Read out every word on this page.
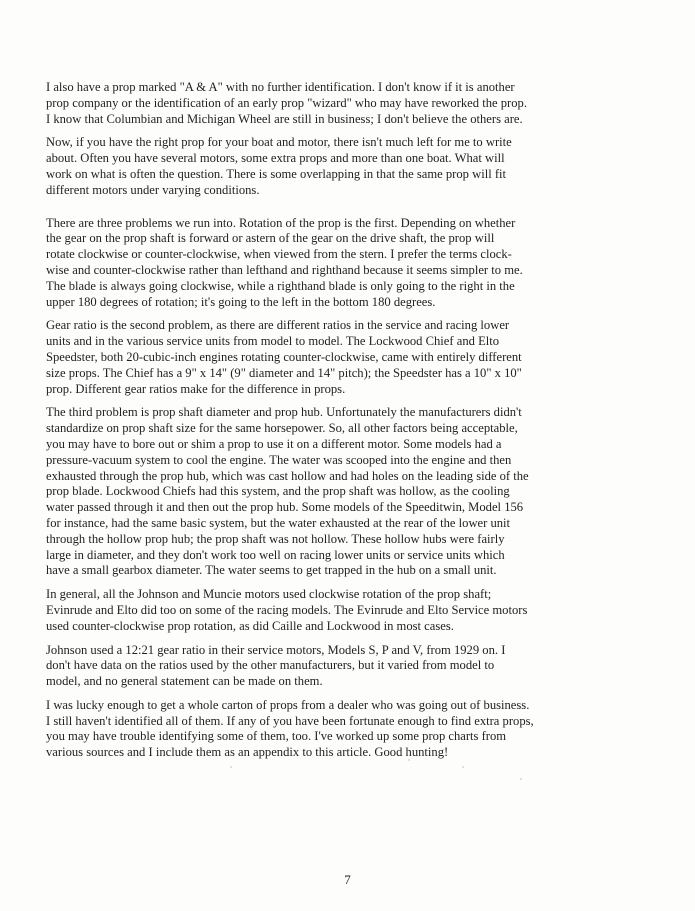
I also have a prop marked "A & A" with no further identification. I don't know if it is another
prop company or the identification of an early prop "wizard" who may have reworked the prop.
I know that Columbian and Michigan Wheel are still in business; I don't believe the others are.

Now, if you have the right prop for your boat and motor, there isn't much left for me to write
about. Often you have several motors, some extra props and more than one boat. What will
work on what is often the question. There is some overlapping in that the same prop will fit
different motors under varying conditions.

There are three problems we run into. Rotation of the prop is the first. Depending on whether
the gear on the prop shaft is forward or astern of the gear on the drive shaft, the prop will
rotate clockwise or counter-clockwise, when viewed from the stern. I prefer the terms clock-
wise and counter-clockwise rather than lefthand and righthand because it seems simpler to me.
The blade is always going clockwise, while a righthand blade is only going to the right in the
upper 180 degrees of rotation; it's going to the left in the bottom 180 degrees.

Gear ratio is the second problem, as there are different ratios in the service and racing lower
units and in the various service units from model to model. The Lockwood Chief and Elto
Speedster, both 20-cubic-inch engines rotating counter-clockwise, came with entirely different
size props. The Chief has a 9" x 14" (9" diameter and 14" pitch); the Speedster has a 10" x 10"
prop. Different gear ratios make for the difference in props.

The third problem is prop shaft diameter and prop hub. Unfortunately the manufacturers didn't
standardize on prop shaft size for the same horsepower. So, all other factors being acceptable,
you may have to bore out or shim a prop to use it on a different motor. Some models had a
pressure-vacuum system to cool the engine. The water was scooped into the engine and then
exhausted through the prop hub, which was cast hollow and had holes on the leading side of the
prop blade. Lockwood Chiefs had this system, and the prop shaft was hollow, as the cooling
water passed through it and then out the prop hub. Some models of the Speeditwin, Model 156
for instance, had the same basic system, but the water exhausted at the rear of the lower unit
through the hollow prop hub; the prop shaft was not hollow. These hollow hubs were fairly
large in diameter, and they don't work too well on racing lower units or service units which
have a small gearbox diameter. The water seems to get trapped in the hub on a small unit.

In general, all the Johnson and Muncie motors used clockwise rotation of the prop shaft;
Evinrude and Elto did too on some of the racing models. The Evinrude and Elto Service motors
used counter-clockwise prop rotation, as did Caille and Lockwood in most cases.

Johnson used a 12:21 gear ratio in their service motors, Models S, P and V, from 1929 on. I
don't have data on the ratios used by the other manufacturers, but it varied from model to
model, and no general statement can be made on them.

I was lucky enough to get a whole carton of props from a dealer who was going out of business.
I still haven't identified all of them. If any of you have been fortunate enough to find extra props,
you may have trouble identifying some of them, too. I've worked up some prop charts from
various sources and I include them as an appendix to this article. Good hunting!

7
